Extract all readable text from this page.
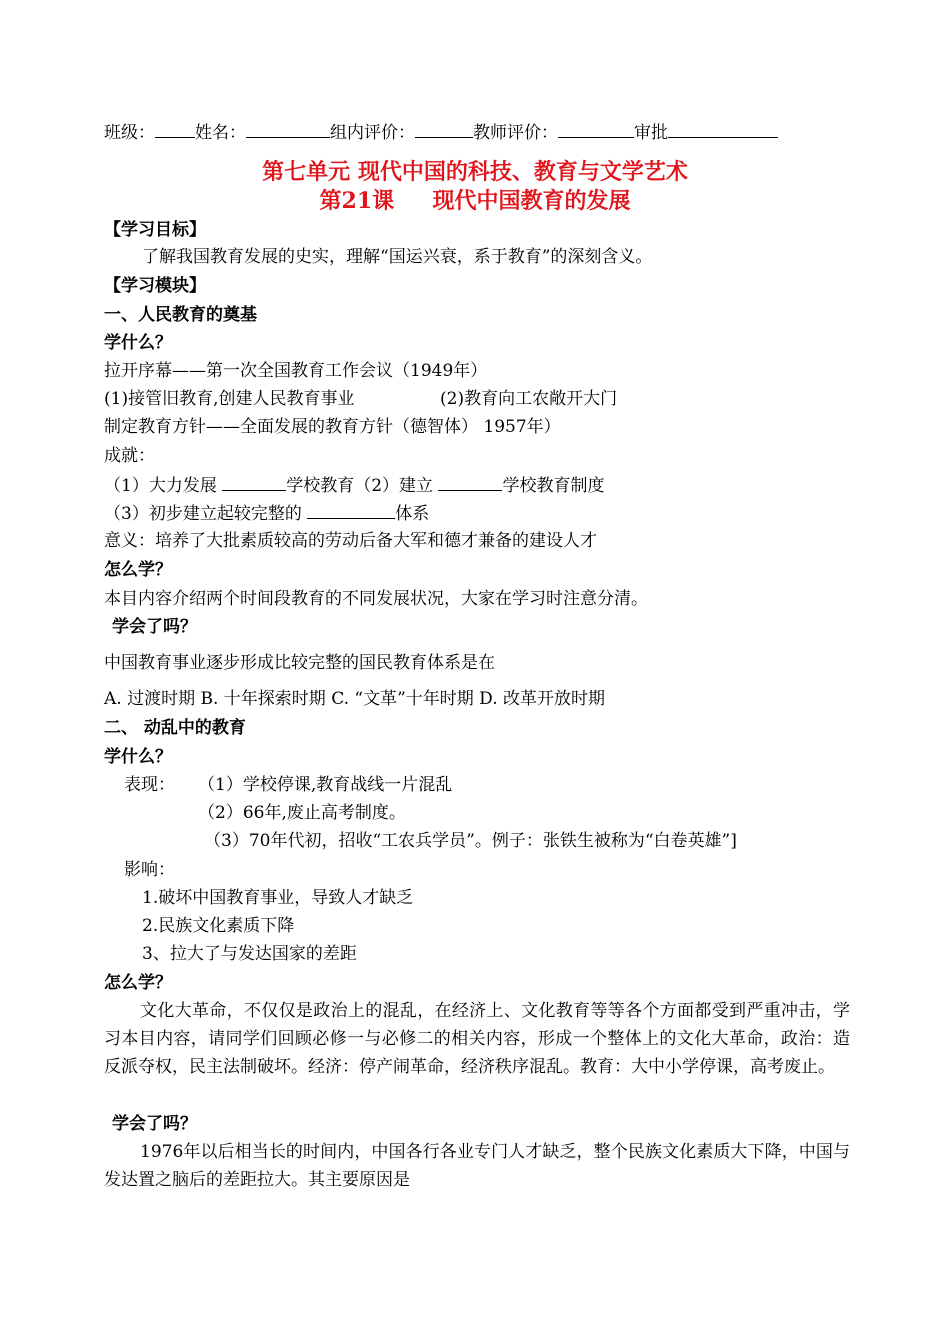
班级： 姓名：	组内评价：	教师评价：	审批
第七单元 现代中国的科技、教育与文学艺术
第21课     现代中国教育的发展
【学习目标】
了解我国教育发展的史实，理解“国运兴衰，系于教育”的深刻含义。
【学习模块】
一、人民教育的奠基
学什么？
拉开序幕——第一次全国教育工作会议（1949年）
(1)接管旧教育,创建人民教育事业	(2)教育向工农敞开大门
制定教育方针——全面发展的教育方针（德智体） 1957年）
成就：
（1）大力发展	学校教育（2）建立	学校教育制度
（3）初步建立起较完整的	体系
意义：培养了大批素质较高的劳动后备大军和德才兼备的建设人才
怎么学？
本目内容介绍两个时间段教育的不同发展状况，大家在学习时注意分清。
学会了吗？
中国教育事业逐步形成比较完整的国民教育体系是在
A. 过渡时期 B. 十年探索时期 C. “文革”十年时期 D. 改革开放时期
二、 动乱中的教育
学什么？
表现： （1）学校停课,教育战线一片混乱
（2）66年,废止高考制度。
（3）70年代初，招收“工农兵学员”。例子：张铁生被称为“白卷英雄”]
影响：
1.破坏中国教育事业，导致人才缺乏
2.民族文化素质下降
3、拉大了与发达国家的差距
怎么学？
文化大革命，不仅仅是政治上的混乱，在经济上、文化教育等等各个方面都受到严重冲击，学习本目内容，请同学们回顾必修一与必修二的相关内容，形成一个整体上的文化大革命，政治：造反派夺权，民主法制破坏。经济：停产闹革命，经济秩序混乱。教育：大中小学停课，高考废止。
学会了吗？
1976年以后相当长的时间内，中国各行各业专门人才缺乏，整个民族文化素质大下降，中国与发达置之脑后的差距拉大。其主要原因是
